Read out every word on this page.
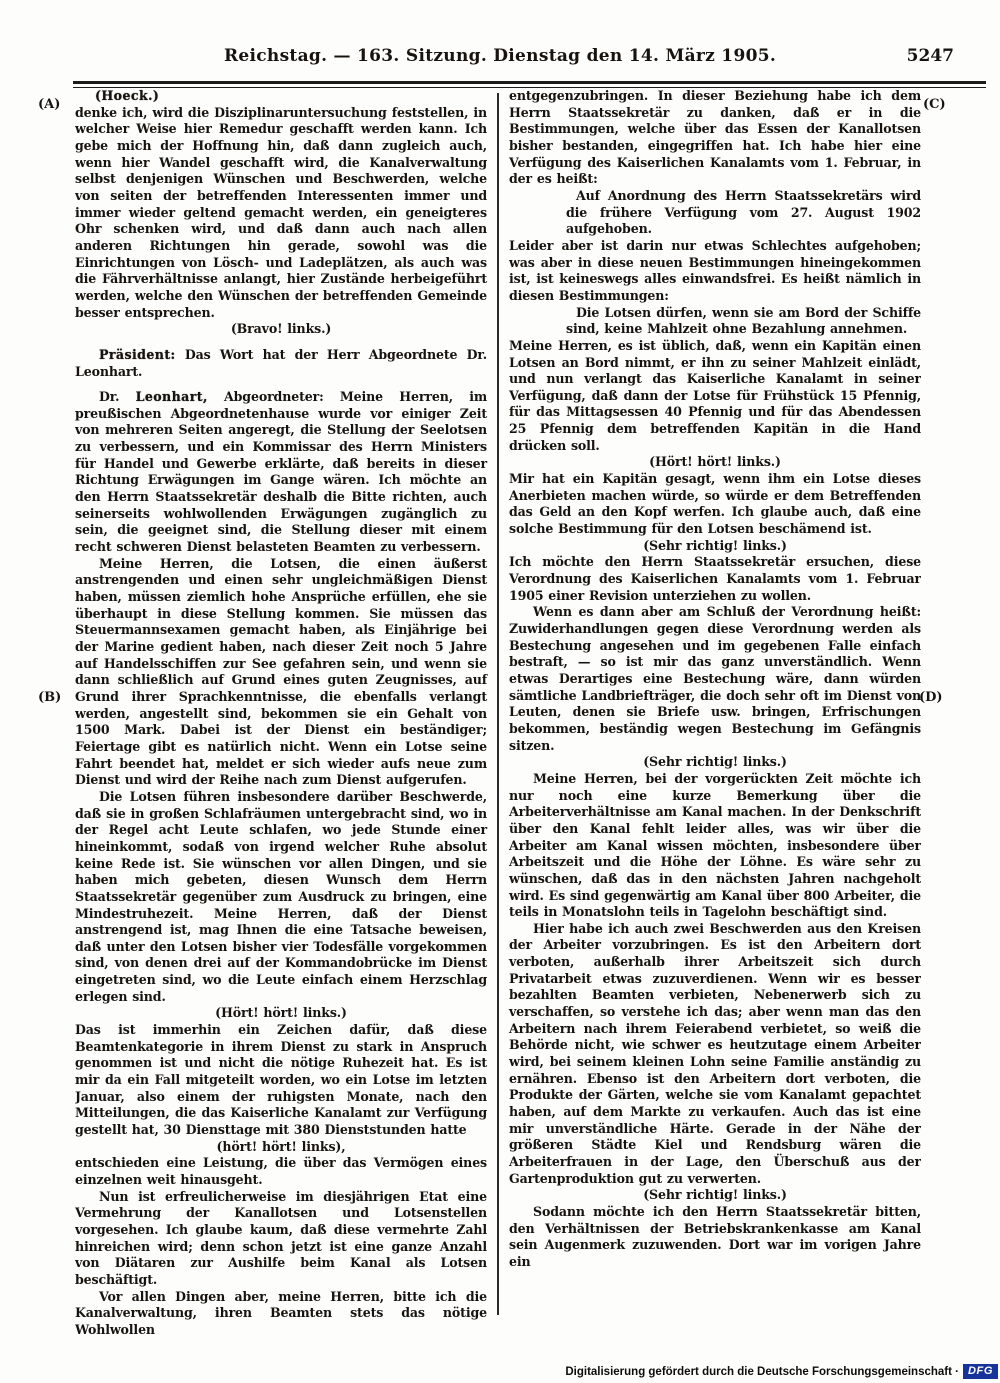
Reichstag. — 163. Sitzung. Dienstag den 14. März 1905.	5247
(A)
(B)
(C)
(D)

(Hoeck.)

denke ich, wird die Disziplinaruntersuchung feststellen, in welcher Weise hier Remedur geschafft werden kann. Ich gebe mich der Hoffnung hin, daß dann zugleich auch, wenn hier Wandel geschafft wird, die Kanalverwaltung selbst denjenigen Wünschen und Beschwerden, welche von seiten der betreffenden Interessenten immer und immer wieder geltend gemacht werden, ein geneigteres Ohr schenken wird, und daß dann auch nach allen anderen Richtungen hin gerade, sowohl was die Einrichtungen von Lösch- und Ladeplätzen, als auch was die Fährverhältnisse anlangt, hier Zustände herbeigeführt werden, welche den Wünschen der betreffenden Gemeinde besser entsprechen.

(Bravo! links.)

Präsident: Das Wort hat der Herr Abgeordnete Dr. Leonhart.

Dr. Leonhart, Abgeordneter: Meine Herren, im preußischen Abgeordnetenhause wurde vor einiger Zeit von mehreren Seiten angeregt, die Stellung der Seelotsen zu verbessern, und ein Kommissar des Herrn Ministers für Handel und Gewerbe erklärte, daß bereits in dieser Richtung Erwägungen im Gange wären. Ich möchte an den Herrn Staatssekretär deshalb die Bitte richten, auch seinerseits wohlwollenden Erwägungen zugänglich zu sein, die geeignet sind, die Stellung dieser mit einem recht schweren Dienst belasteten Beamten zu verbessern.

Meine Herren, die Lotsen, die einen äußerst anstrengenden und einen sehr ungleichmäßigen Dienst haben, müssen ziemlich hohe Ansprüche erfüllen, ehe sie überhaupt in diese Stellung kommen. Sie müssen das Steuermannsexamen gemacht haben, als Einjährige bei der Marine gedient haben, nach dieser Zeit noch 5 Jahre auf Handelsschiffen zur See gefahren sein, und wenn sie dann schließlich auf Grund eines guten Zeugnisses, auf Grund ihrer Sprachkenntnisse, die ebenfalls verlangt werden, angestellt sind, bekommen sie ein Gehalt von 1500 Mark. Dabei ist der Dienst ein beständiger; Feiertage gibt es natürlich nicht. Wenn ein Lotse seine Fahrt beendet hat, meldet er sich wieder aufs neue zum Dienst und wird der Reihe nach zum Dienst aufgerufen.

Die Lotsen führen insbesondere darüber Beschwerde, daß sie in großen Schlafräumen untergebracht sind, wo in der Regel acht Leute schlafen, wo jede Stunde einer hineinkommt, sodaß von irgend welcher Ruhe absolut keine Rede ist. Sie wünschen vor allen Dingen, und sie haben mich gebeten, diesen Wunsch dem Herrn Staatssekretär gegenüber zum Ausdruck zu bringen, eine Mindestruhezeit. Meine Herren, daß der Dienst anstrengend ist, mag Ihnen die eine Tatsache beweisen, daß unter den Lotsen bisher vier Todesfälle vorgekommen sind, von denen drei auf der Kommandobrücke im Dienst eingetreten sind, wo die Leute einfach einem Herzschlag erlegen sind.

(Hört! hört! links.)

Das ist immerhin ein Zeichen dafür, daß diese Beamtenkategorie in ihrem Dienst zu stark in Anspruch genommen ist und nicht die nötige Ruhezeit hat. Es ist mir da ein Fall mitgeteilt worden, wo ein Lotse im letzten Januar, also einem der ruhigsten Monate, nach den Mitteilungen, die das Kaiserliche Kanalamt zur Verfügung gestellt hat, 30 Diensttage mit 380 Dienststunden hatte

(hört! hört! links),

entschieden eine Leistung, die über das Vermögen eines einzelnen weit hinausgeht.

Nun ist erfreulicherweise im diesjährigen Etat eine Vermehrung der Kanallotsen und Lotsenstellen vorgesehen. Ich glaube kaum, daß diese vermehrte Zahl hinreichen wird; denn schon jetzt ist eine ganze Anzahl von Diätaren zur Aushilfe beim Kanal als Lotsen beschäftigt.

Vor allen Dingen aber, meine Herren, bitte ich die Kanalverwaltung, ihren Beamten stets das nötige Wohlwollen

entgegenzubringen. In dieser Beziehung habe ich dem Herrn Staatssekretär zu danken, daß er in die Bestimmungen, welche über das Essen der Kanallotsen bisher bestanden, eingegriffen hat. Ich habe hier eine Verfügung des Kaiserlichen Kanalamts vom 1. Februar, in der es heißt:

Auf Anordnung des Herrn Staatssekretärs wird die frühere Verfügung vom 27. August 1902 aufgehoben.

Leider aber ist darin nur etwas Schlechtes aufgehoben; was aber in diese neuen Bestimmungen hineingekommen ist, ist keineswegs alles einwandsfrei. Es heißt nämlich in diesen Bestimmungen:

Die Lotsen dürfen, wenn sie am Bord der Schiffe sind, keine Mahlzeit ohne Bezahlung annehmen.

Meine Herren, es ist üblich, daß, wenn ein Kapitän einen Lotsen an Bord nimmt, er ihn zu seiner Mahlzeit einlädt, und nun verlangt das Kaiserliche Kanalamt in seiner Verfügung, daß dann der Lotse für Frühstück 15 Pfennig, für das Mittagsessen 40 Pfennig und für das Abendessen 25 Pfennig dem betreffenden Kapitän in die Hand drücken soll.

(Hört! hört! links.)

Mir hat ein Kapitän gesagt, wenn ihm ein Lotse dieses Anerbieten machen würde, so würde er dem Betreffenden das Geld an den Kopf werfen. Ich glaube auch, daß eine solche Bestimmung für den Lotsen beschämend ist.

(Sehr richtig! links.)

Ich möchte den Herrn Staatssekretär ersuchen, diese Verordnung des Kaiserlichen Kanalamts vom 1. Februar 1905 einer Revision unterziehen zu wollen.

Wenn es dann aber am Schluß der Verordnung heißt: Zuwiderhandlungen gegen diese Verordnung werden als Bestechung angesehen und im gegebenen Falle einfach bestraft, — so ist mir das ganz unverständlich. Wenn etwas Derartiges eine Bestechung wäre, dann würden sämtliche Landbriefträger, die doch sehr oft im Dienst von Leuten, denen sie Briefe usw. bringen, Erfrischungen bekommen, beständig wegen Bestechung im Gefängnis sitzen.

(Sehr richtig! links.)

Meine Herren, bei der vorgerückten Zeit möchte ich nur noch eine kurze Bemerkung über die Arbeiterverhältnisse am Kanal machen. In der Denkschrift über den Kanal fehlt leider alles, was wir über die Arbeiter am Kanal wissen möchten, insbesondere über Arbeitszeit und die Höhe der Löhne. Es wäre sehr zu wünschen, daß das in den nächsten Jahren nachgeholt wird. Es sind gegenwärtig am Kanal über 800 Arbeiter, die teils in Monatslohn teils in Tagelohn beschäftigt sind.

Hier habe ich auch zwei Beschwerden aus den Kreisen der Arbeiter vorzubringen. Es ist den Arbeitern dort verboten, außerhalb ihrer Arbeitszeit sich durch Privatarbeit etwas zuzuverdienen. Wenn wir es besser bezahlten Beamten verbieten, Nebenerwerb sich zu verschaffen, so verstehe ich das; aber wenn man das den Arbeitern nach ihrem Feierabend verbietet, so weiß die Behörde nicht, wie schwer es heutzutage einem Arbeiter wird, bei seinem kleinen Lohn seine Familie anständig zu ernähren. Ebenso ist den Arbeitern dort verboten, die Produkte der Gärten, welche sie vom Kanalamt gepachtet haben, auf dem Markte zu verkaufen. Auch das ist eine mir unverständliche Härte. Gerade in der Nähe der größeren Städte Kiel und Rendsburg wären die Arbeiterfrauen in der Lage, den Überschuß aus der Gartenproduktion gut zu verwerten.

(Sehr richtig! links.)

Sodann möchte ich den Herrn Staatssekretär bitten, den Verhältnissen der Betriebskrankenkasse am Kanal sein Augenmerk zuzuwenden. Dort war im vorigen Jahre ein

Digitalisierung gefördert durch die Deutsche Forschungsgemeinschaft · DFG
